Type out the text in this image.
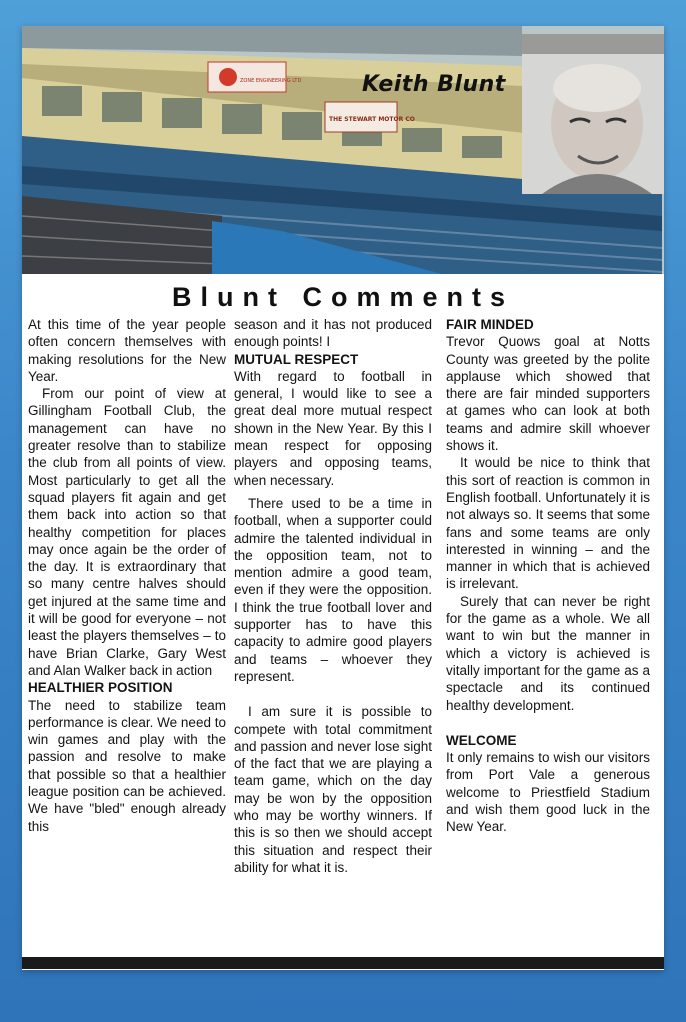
ZONE ENGINEERING LTD
THE STEWART MOTOR CO
Keith Blunt
Blunt Comments

At this time of the year people often concern themselves with making resolutions for the New Year.

From our point of view at Gillingham Football Club, the management can have no greater resolve than to stabilize the club from all points of view. Most particularly to get all the squad players fit again and get them back into action so that healthy competition for places may once again be the order of the day. It is extraordinary that so many centre halves should get injured at the same time and it will be good for everyone – not least the players themselves – to have Brian Clarke, Gary West and Alan Walker back in action

HEALTHIER POSITION

The need to stabilize team performance is clear. We need to win games and play with the passion and resolve to make that possible so that a healthier league position can be achieved. We have "bled" enough already this

season and it has not produced enough points! I

MUTUAL RESPECT

With regard to football in general, I would like to see a great deal more mutual respect shown in the New Year. By this I mean respect for opposing players and opposing teams, when necessary.

There used to be a time in football, when a supporter could admire the talented individual in the opposition team, not to mention admire a good team, even if they were the opposition. I think the true football lover and supporter has to have this capacity to admire good players and teams – whoever they represent.

I am sure it is possible to compete with total commitment and passion and never lose sight of the fact that we are playing a team game, which on the day may be won by the opposition who may be worthy winners. If this is so then we should accept this situation and respect their ability for what it is.

FAIR MINDED

Trevor Quows goal at Notts County was greeted by the polite applause which showed that there are fair minded supporters at games who can look at both teams and admire skill whoever shows it.

It would be nice to think that this sort of reaction is common in English football. Unfortunately it is not always so. It seems that some fans and some teams are only interested in winning – and the manner in which that is achieved is irrelevant.

Surely that can never be right for the game as a whole. We all want to win but the manner in which a victory is achieved is vitally important for the game as a spectacle and its continued healthy development.

WELCOME

It only remains to wish our visitors from Port Vale a generous welcome to Priestfield Stadium and wish them good luck in the New Year.
